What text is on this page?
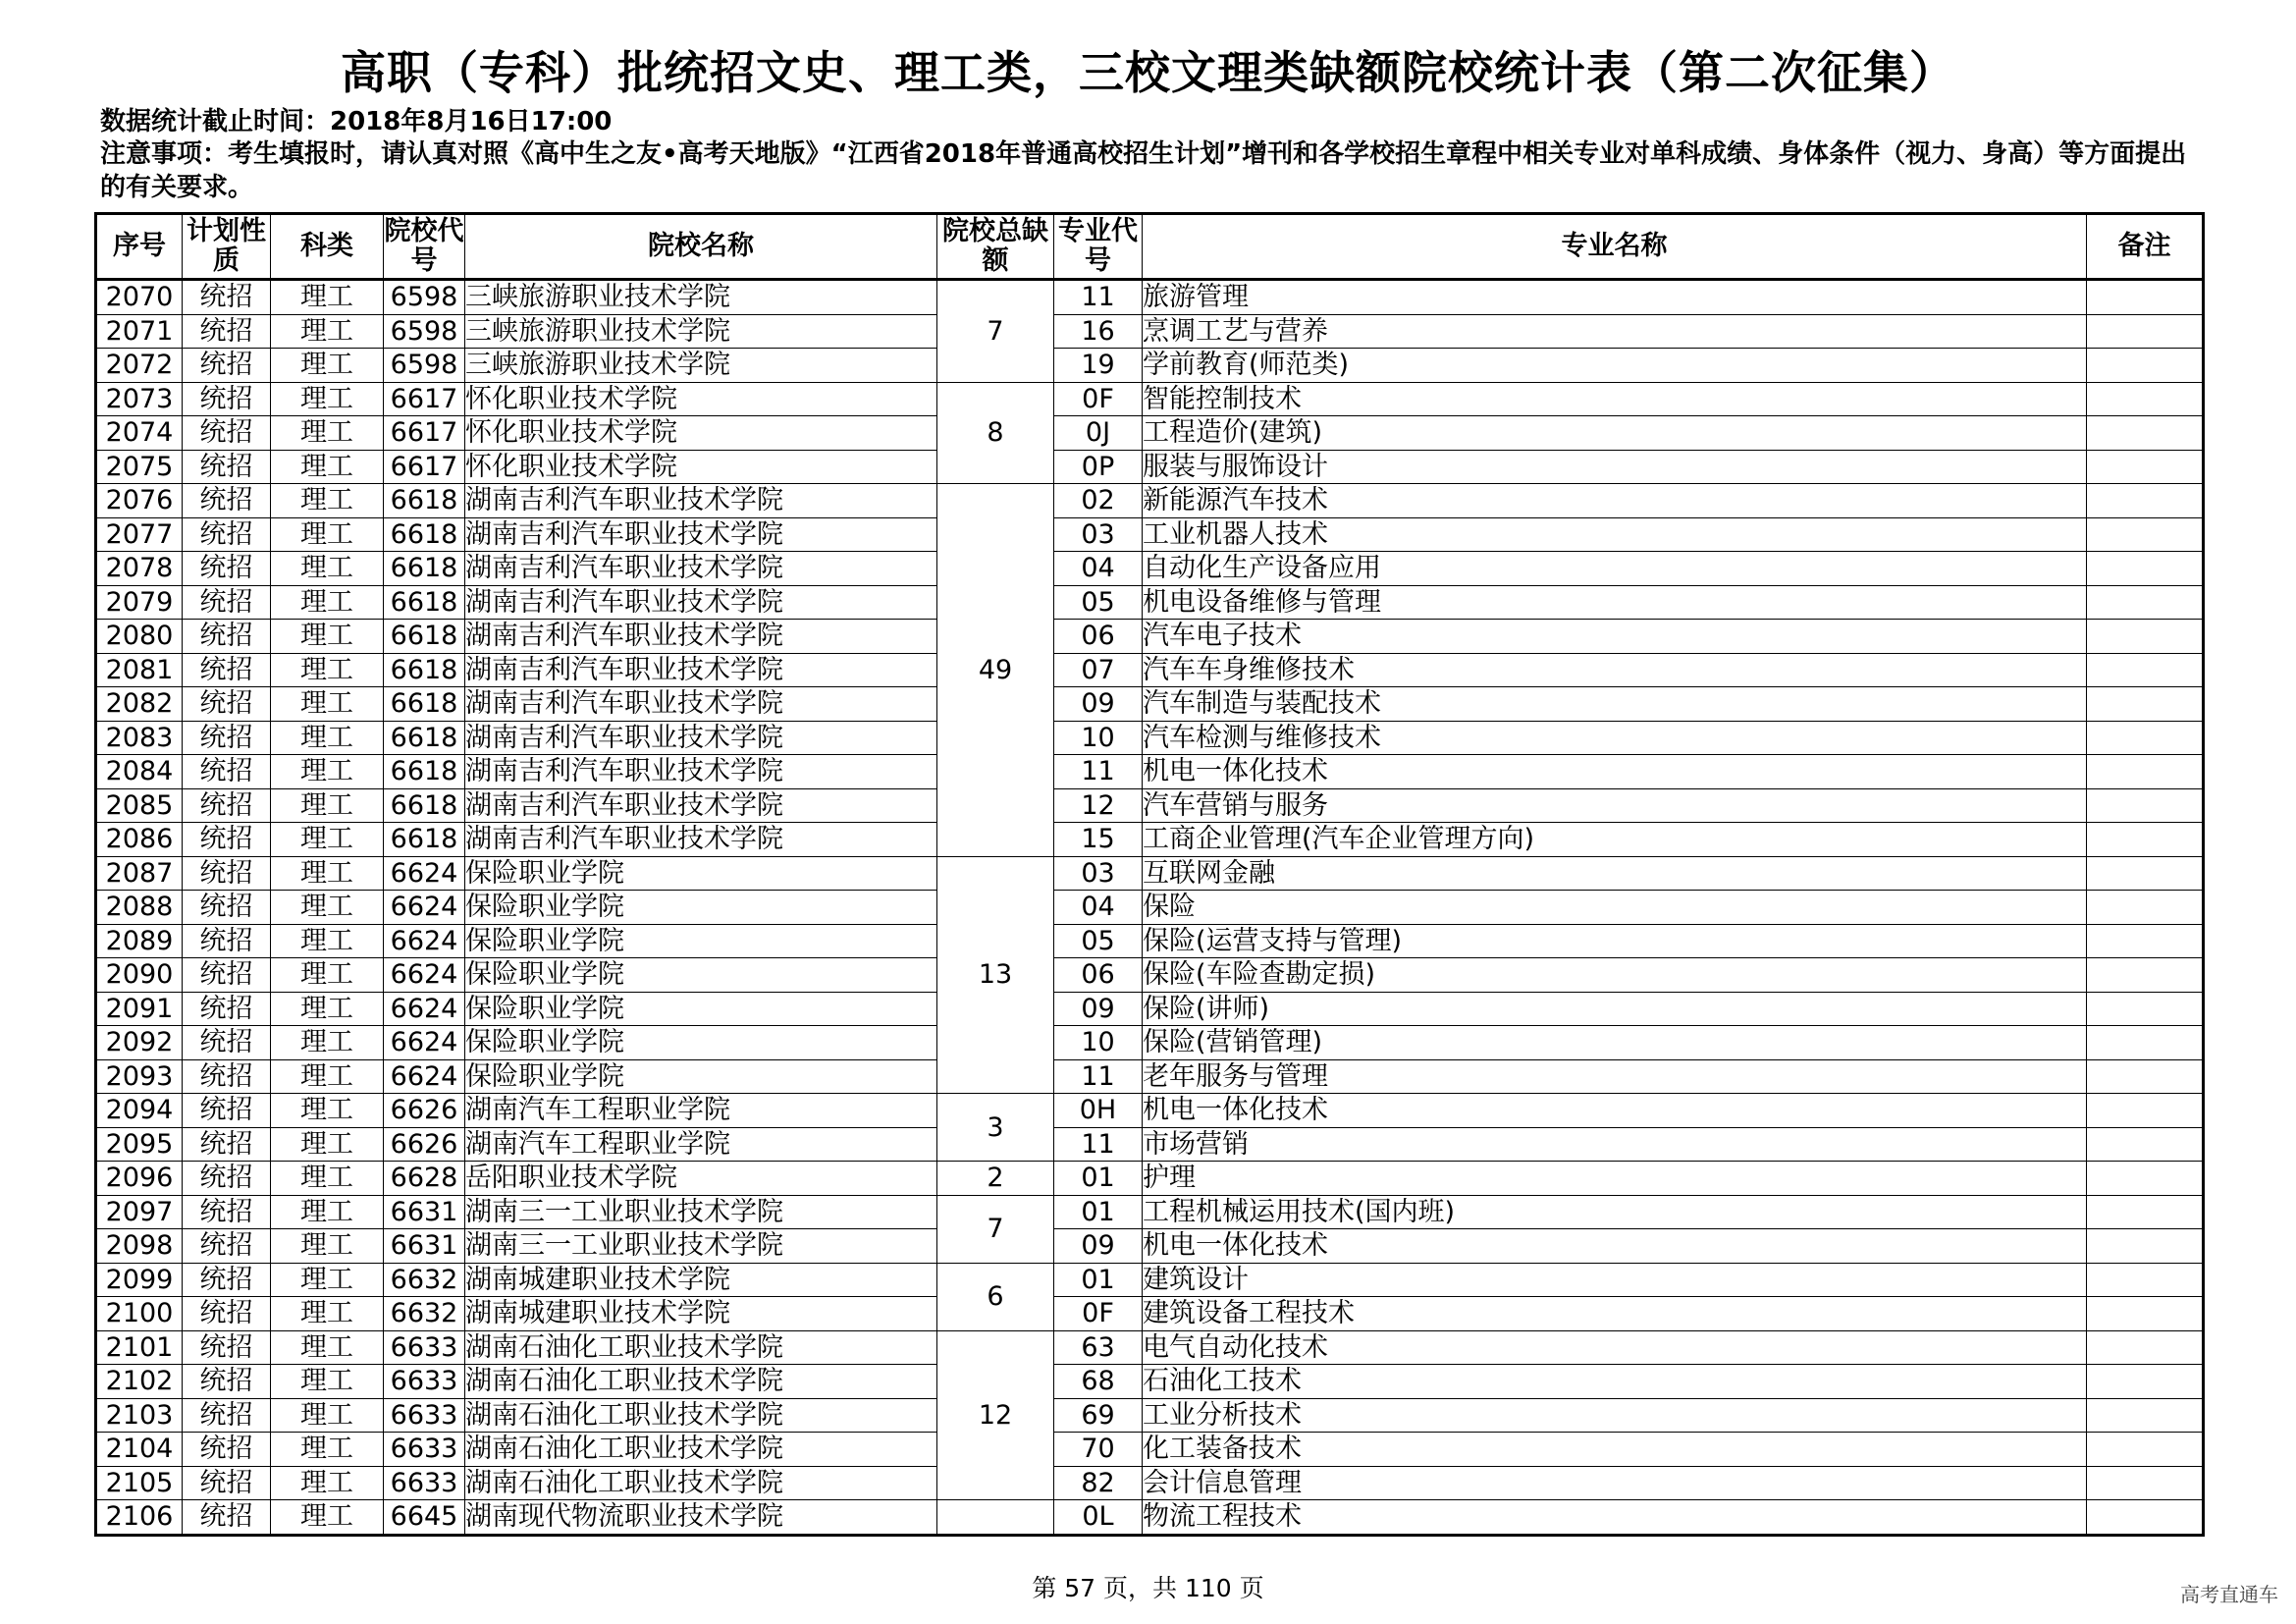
高职（专科）批统招文史、理工类，三校文理类缺额院校统计表（第二次征集）
数据统计截止时间：2018年8月16日17:00
注意事项：考生填报时，请认真对照《高中生之友•高考天地版》“江西省2018年普通高校招生计划”增刊和各学校招生章程中相关专业对单科成绩、身体条件（视力、身高）等方面提出的有关要求。
序号	计划性质	科类	院校代号	院校名称	院校总缺额	专业代号	专业名称	备注
2070	统招	理工	6598	三峡旅游职业技术学院	7	11	旅游管理	
2071	统招	理工	6598	三峡旅游职业技术学院		16	烹调工艺与营养	
2072	统招	理工	6598	三峡旅游职业技术学院		19	学前教育(师范类)	
2073	统招	理工	6617	怀化职业技术学院	8	0F	智能控制技术	
2074	统招	理工	6617	怀化职业技术学院		0J	工程造价(建筑)	
2075	统招	理工	6617	怀化职业技术学院		0P	服装与服饰设计	
2076	统招	理工	6618	湖南吉利汽车职业技术学院	49	02	新能源汽车技术	
2077	统招	理工	6618	湖南吉利汽车职业技术学院		03	工业机器人技术	
2078	统招	理工	6618	湖南吉利汽车职业技术学院		04	自动化生产设备应用	
2079	统招	理工	6618	湖南吉利汽车职业技术学院		05	机电设备维修与管理	
2080	统招	理工	6618	湖南吉利汽车职业技术学院		06	汽车电子技术	
2081	统招	理工	6618	湖南吉利汽车职业技术学院		07	汽车车身维修技术	
2082	统招	理工	6618	湖南吉利汽车职业技术学院		09	汽车制造与装配技术	
2083	统招	理工	6618	湖南吉利汽车职业技术学院		10	汽车检测与维修技术	
2084	统招	理工	6618	湖南吉利汽车职业技术学院		11	机电一体化技术	
2085	统招	理工	6618	湖南吉利汽车职业技术学院		12	汽车营销与服务	
2086	统招	理工	6618	湖南吉利汽车职业技术学院		15	工商企业管理(汽车企业管理方向)	
2087	统招	理工	6624	保险职业学院	13	03	互联网金融	
2088	统招	理工	6624	保险职业学院		04	保险	
2089	统招	理工	6624	保险职业学院		05	保险(运营支持与管理)	
2090	统招	理工	6624	保险职业学院		06	保险(车险查勘定损)	
2091	统招	理工	6624	保险职业学院		09	保险(讲师)	
2092	统招	理工	6624	保险职业学院		10	保险(营销管理)	
2093	统招	理工	6624	保险职业学院		11	老年服务与管理	
2094	统招	理工	6626	湖南汽车工程职业学院	3	0H	机电一体化技术	
2095	统招	理工	6626	湖南汽车工程职业学院		11	市场营销	
2096	统招	理工	6628	岳阳职业技术学院	2	01	护理	
2097	统招	理工	6631	湖南三一工业职业技术学院	7	01	工程机械运用技术(国内班)	
2098	统招	理工	6631	湖南三一工业职业技术学院		09	机电一体化技术	
2099	统招	理工	6632	湖南城建职业技术学院	6	01	建筑设计	
2100	统招	理工	6632	湖南城建职业技术学院		0F	建筑设备工程技术	
2101	统招	理工	6633	湖南石油化工职业技术学院	12	63	电气自动化技术	
2102	统招	理工	6633	湖南石油化工职业技术学院		68	石油化工技术	
2103	统招	理工	6633	湖南石油化工职业技术学院		69	工业分析技术	
2104	统招	理工	6633	湖南石油化工职业技术学院		70	化工装备技术	
2105	统招	理工	6633	湖南石油化工职业技术学院		82	会计信息管理	
2106	统招	理工	6645	湖南现代物流职业技术学院		0L	物流工程技术	
第 57 页，共 110 页	高考直通车
